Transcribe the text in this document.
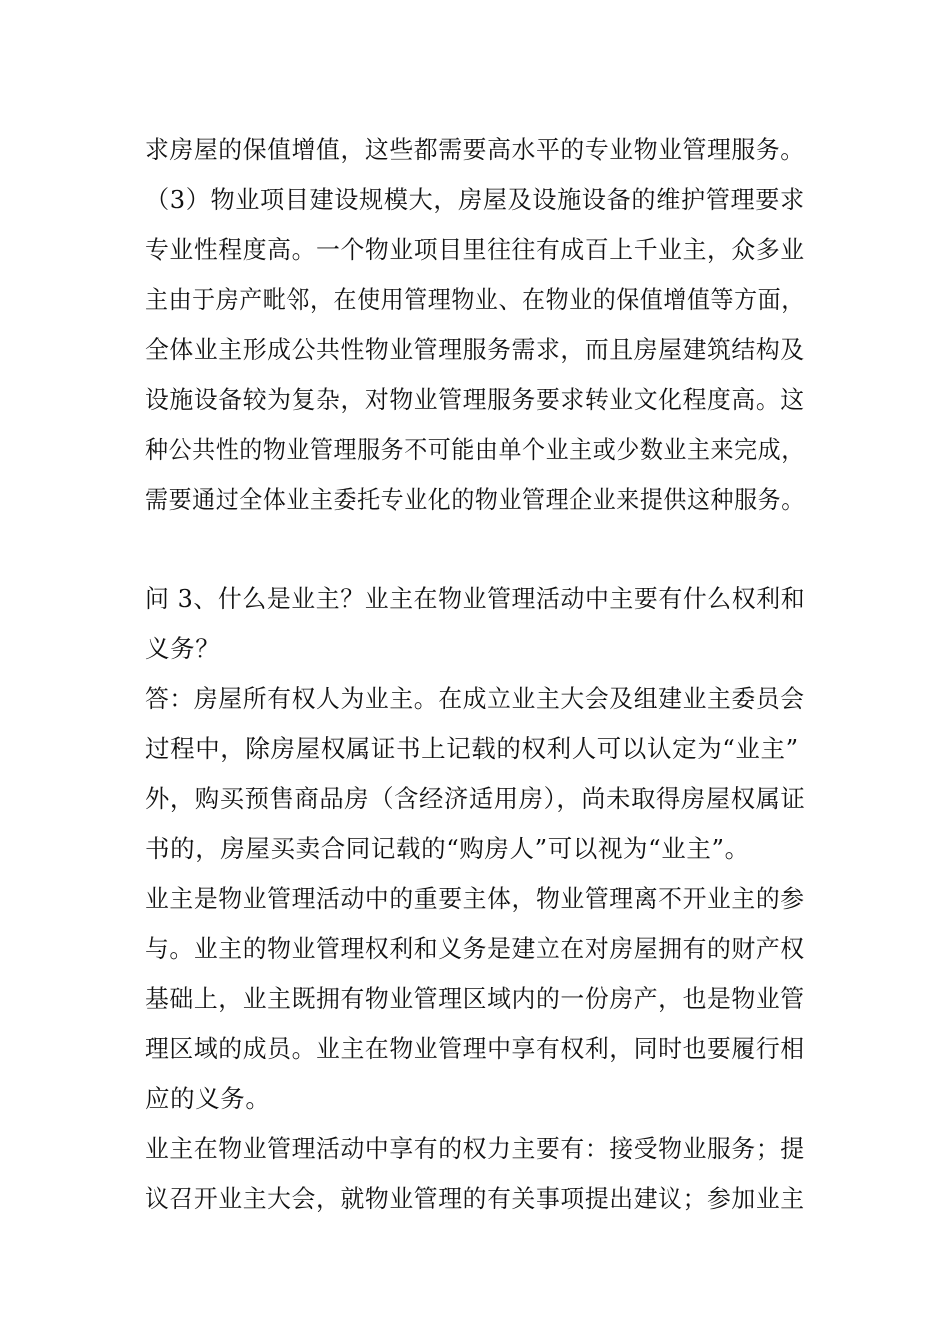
求房屋的保值增值，这些都需要高水平的专业物业管理服务。
（3）物业项目建设规模大，房屋及设施设备的维护管理要求
专业性程度高。一个物业项目里往往有成百上千业主，众多业
主由于房产毗邻，在使用管理物业、在物业的保值增值等方面，
全体业主形成公共性物业管理服务需求，而且房屋建筑结构及
设施设备较为复杂，对物业管理服务要求转业文化程度高。这
种公共性的物业管理服务不可能由单个业主或少数业主来完成，
需要通过全体业主委托专业化的物业管理企业来提供这种服务。
问 3、什么是业主？业主在物业管理活动中主要有什么权利和
义务？
答：房屋所有权人为业主。在成立业主大会及组建业主委员会
过程中，除房屋权属证书上记载的权利人可以认定为“业主”
外，购买预售商品房（含经济适用房），尚未取得房屋权属证
书的，房屋买卖合同记载的“购房人”可以视为“业主”。
业主是物业管理活动中的重要主体，物业管理离不开业主的参
与。业主的物业管理权利和义务是建立在对房屋拥有的财产权
基础上，业主既拥有物业管理区域内的一份房产，也是物业管
理区域的成员。业主在物业管理中享有权利，同时也要履行相
应的义务。
业主在物业管理活动中享有的权力主要有：接受物业服务；提
议召开业主大会，就物业管理的有关事项提出建议；参加业主
